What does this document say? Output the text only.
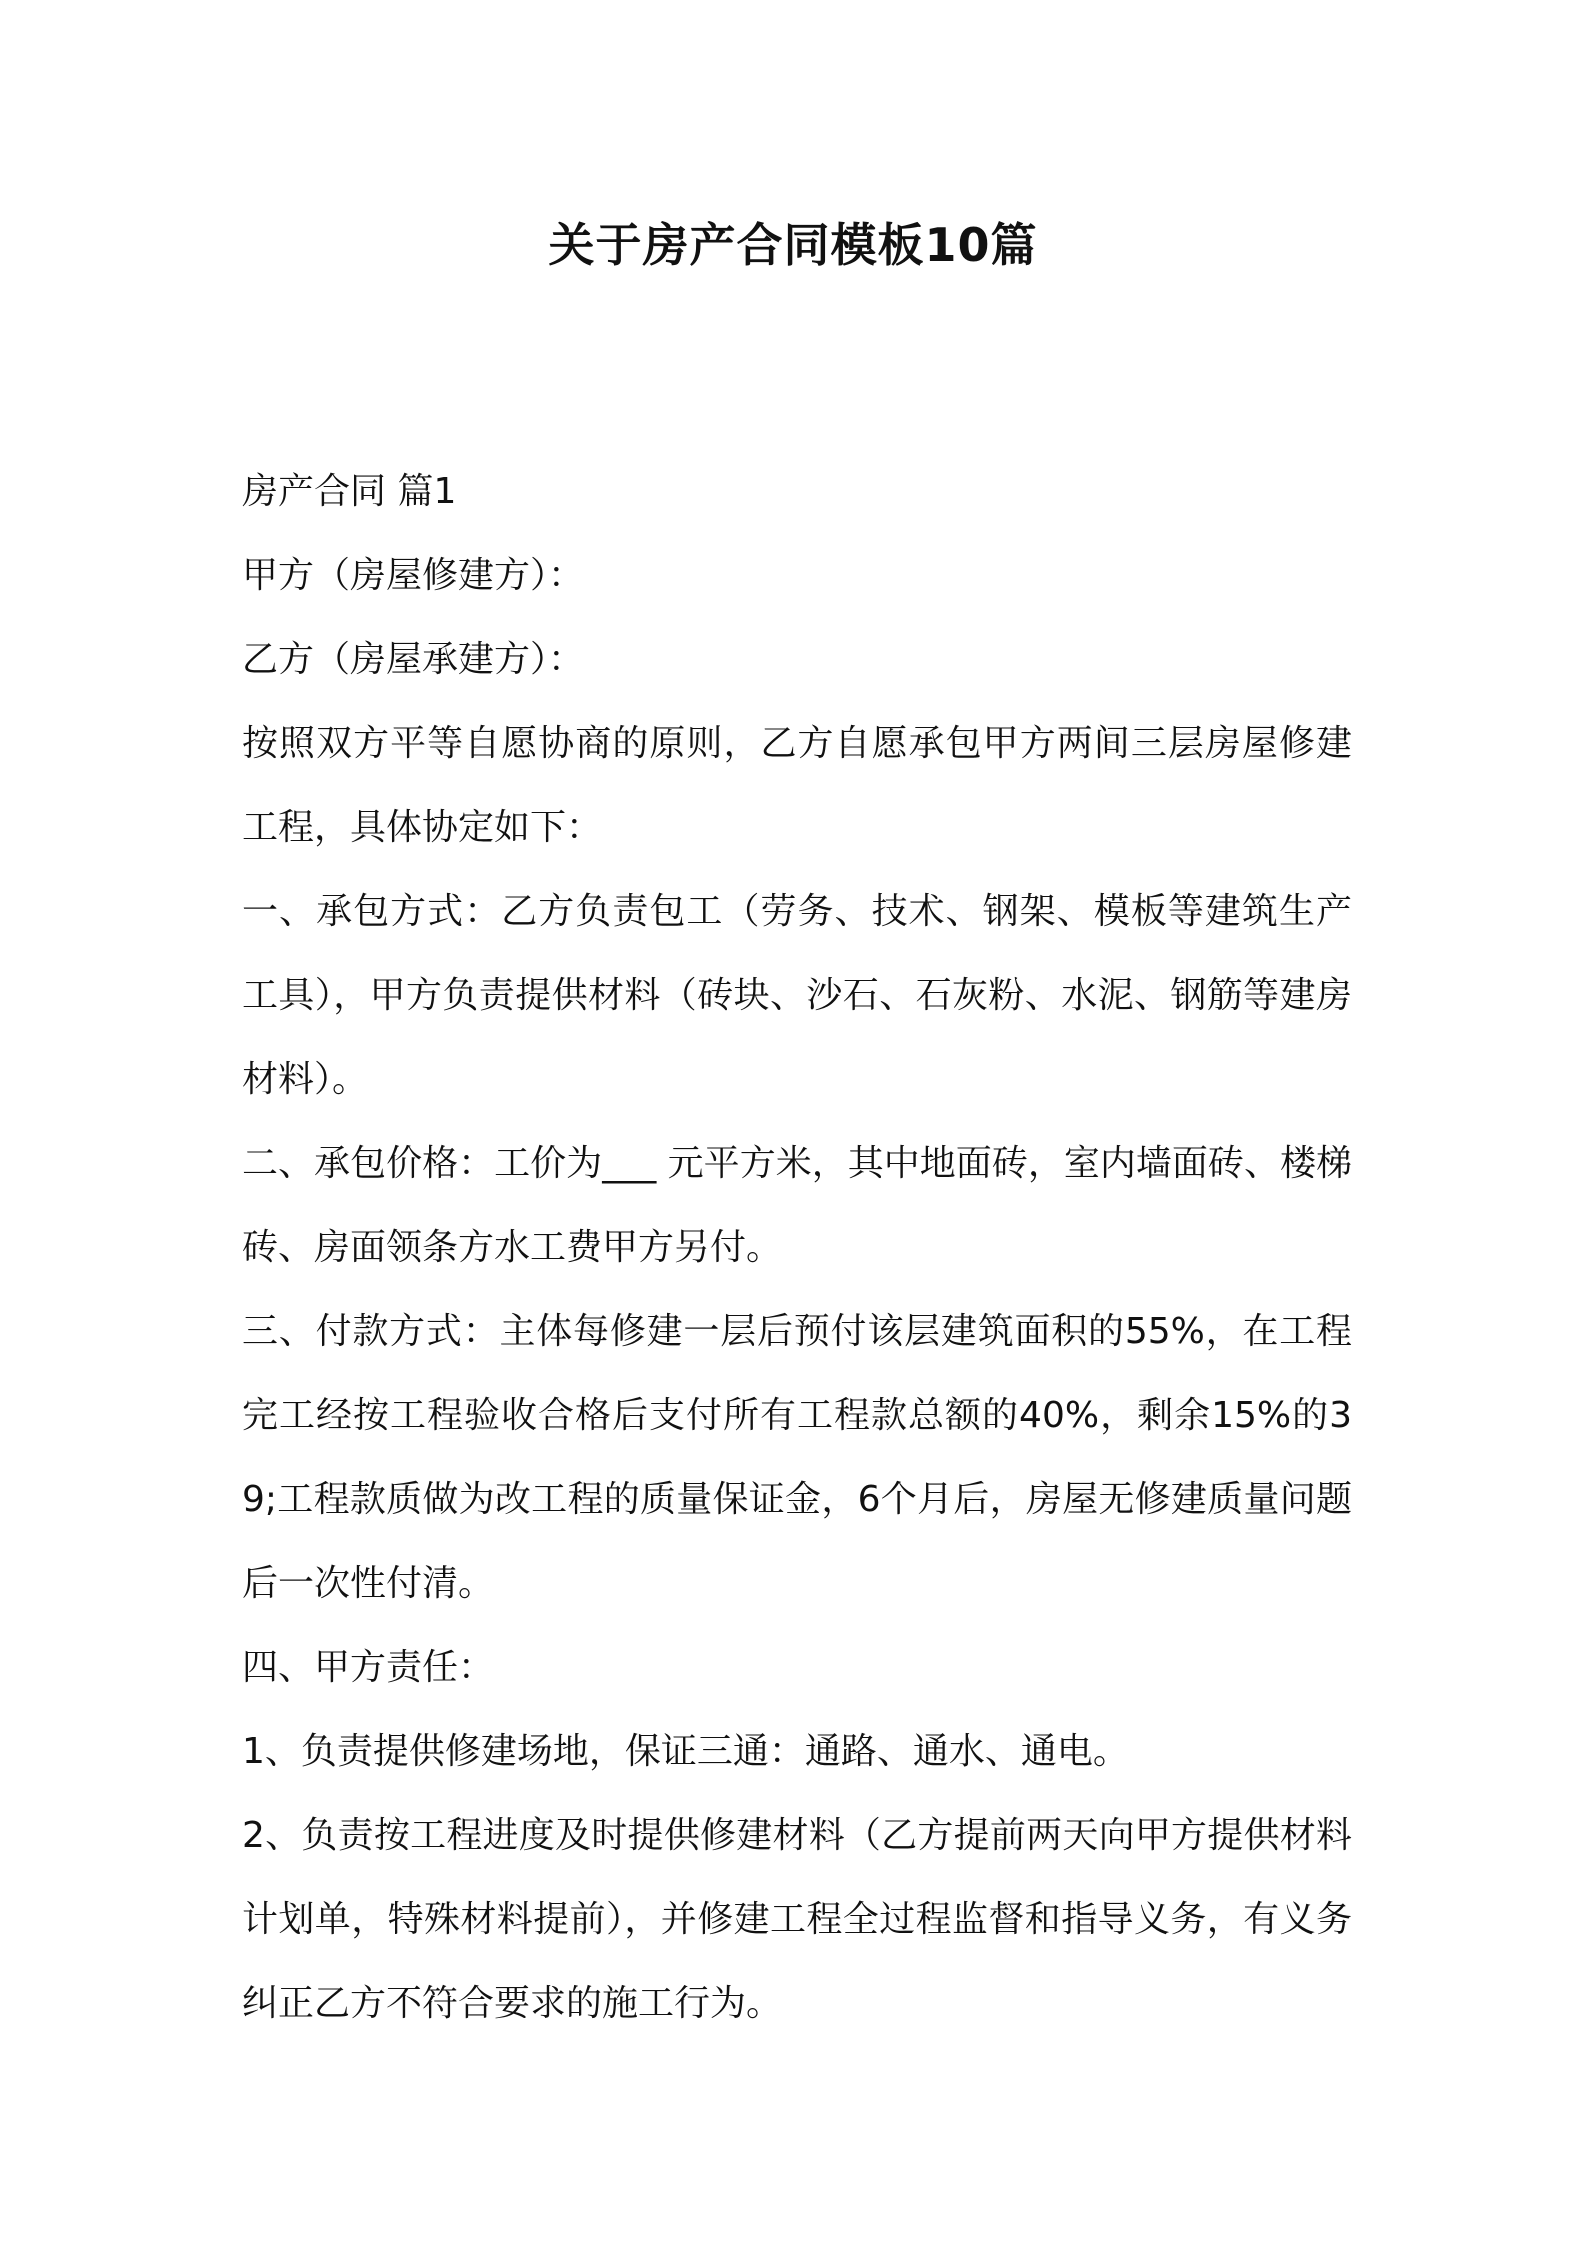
关于房产合同模板10篇

房产合同 篇1

甲方（房屋修建方）：

乙方（房屋承建方）：

按照双方平等自愿协商的原则，乙方自愿承包甲方两间三层房屋修建工程，具体协定如下：

一、承包方式：乙方负责包工（劳务、技术、钢架、模板等建筑生产工具），甲方负责提供材料（砖块、沙石、石灰粉、水泥、钢筋等建房材料）。

二、承包价格：工价为___ 元平方米，其中地面砖，室内墙面砖、楼梯砖、房面领条方水工费甲方另付。

三、付款方式：主体每修建一层后预付该层建筑面积的55%，在工程完工经按工程验收合格后支付所有工程款总额的40%，剩余15%的39;工程款质做为改工程的质量保证金，6个月后，房屋无修建质量问题后一次性付清。

四、甲方责任：

1、负责提供修建场地，保证三通：通路、通水、通电。

2、负责按工程进度及时提供修建材料（乙方提前两天向甲方提供材料计划单，特殊材料提前），并修建工程全过程监督和指导义务，有义务纠正乙方不符合要求的施工行为。
